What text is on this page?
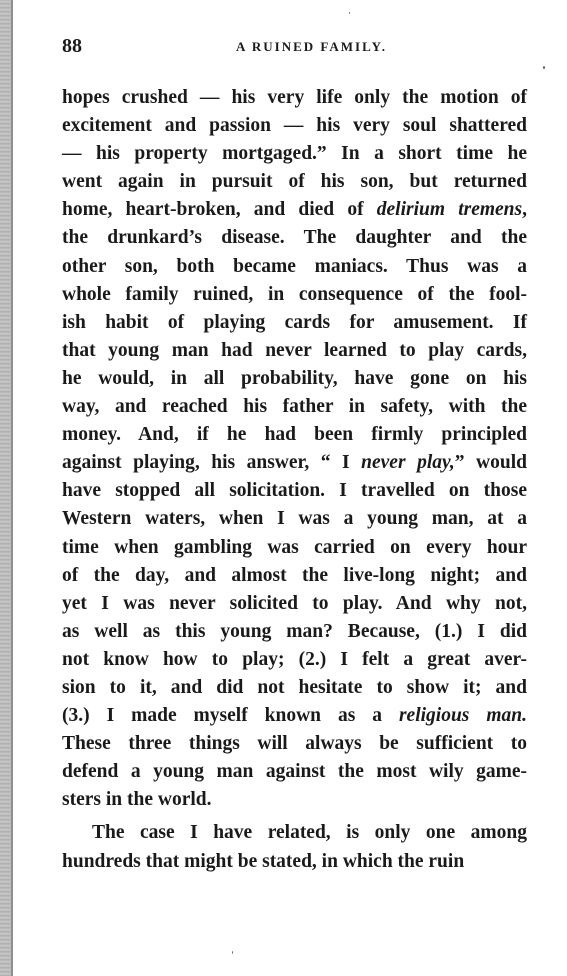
88	A RUINED FAMILY.
hopes crushed — his very life only the motion of
excitement and passion — his very soul shattered
— his property mortgaged.” In a short time he
went again in pursuit of his son, but returned
home, heart-broken, and died of delirium tremens,
the drunkard’s disease. The daughter and the
other son, both became maniacs. Thus was a
whole family ruined, in consequence of the fool-
ish habit of playing cards for amusement. If
that young man had never learned to play cards,
he would, in all probability, have gone on his
way, and reached his father in safety, with the
money. And, if he had been firmly principled
against playing, his answer, “ I never play,” would
have stopped all solicitation. I travelled on those
Western waters, when I was a young man, at a
time when gambling was carried on every hour
of the day, and almost the live-long night; and
yet I was never solicited to play. And why not,
as well as this young man? Because, (1.) I did
not know how to play; (2.) I felt a great aver-
sion to it, and did not hesitate to show it; and
(3.) I made myself known as a religious man.
These three things will always be sufficient to
defend a young man against the most wily game-
sters in the world.
The case I have related, is only one among
hundreds that might be stated, in which the ruin
